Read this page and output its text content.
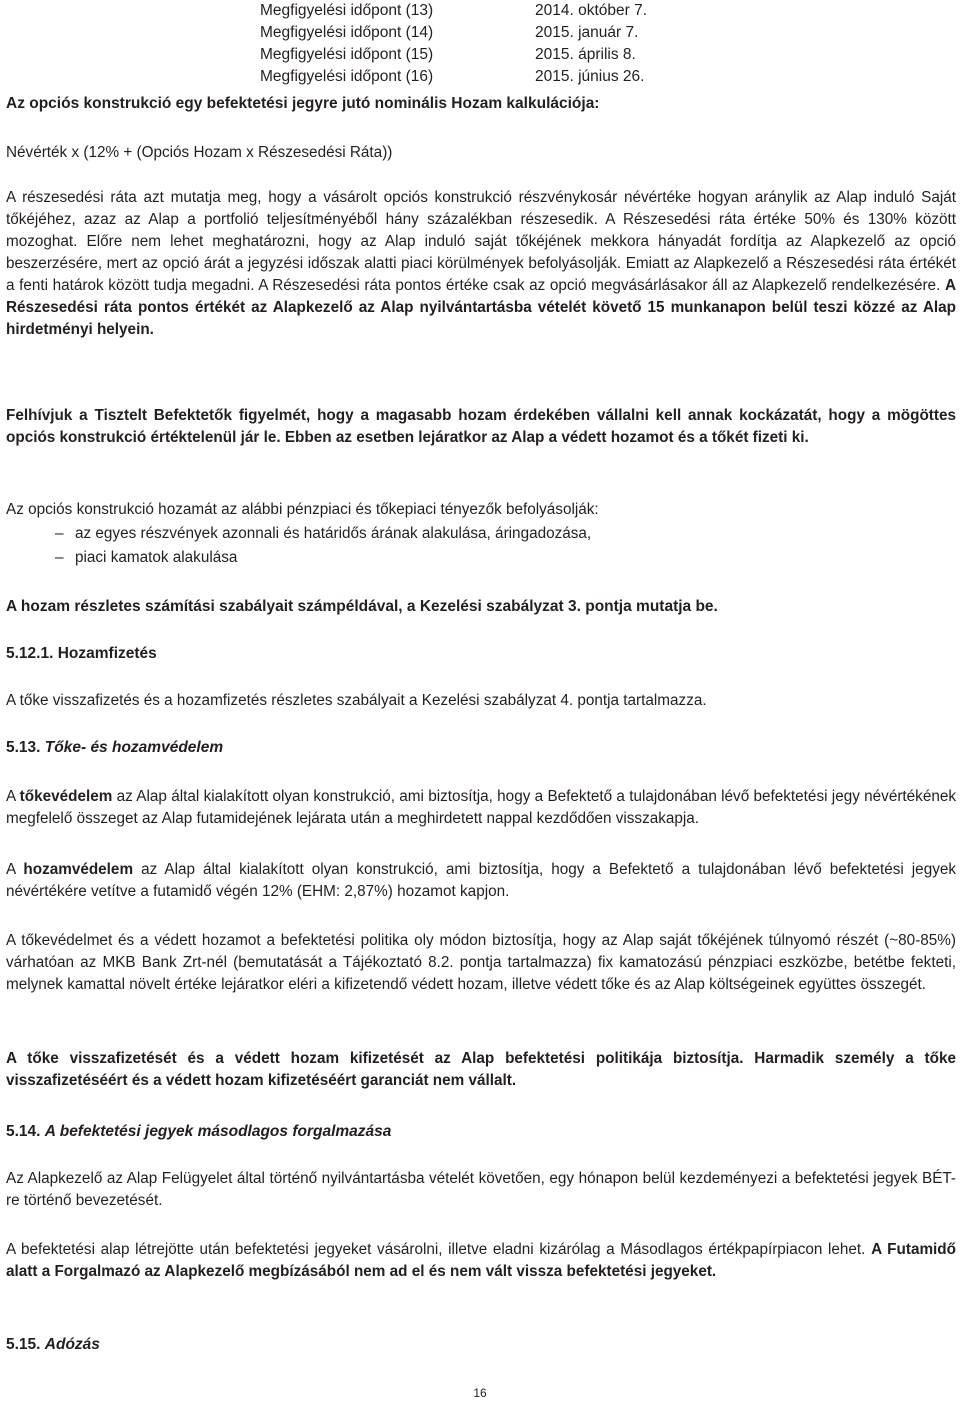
Megfigyelési időpont (13)	2014. október 7.
Megfigyelési időpont (14)	2015. január 7.
Megfigyelési időpont (15)	2015. április 8.
Megfigyelési időpont (16)	2015. június 26.
Az opciós konstrukció egy befektetési jegyre jutó nominális Hozam kalkulációja:
Névérték x (12% + (Opciós Hozam x Részesedési Ráta))
A részesedési ráta azt mutatja meg, hogy a vásárolt opciós konstrukció részvénykosár névértéke hogyan aránylik az Alap induló Saját tőkéjéhez, azaz az Alap a portfolió teljesítményéből hány százalékban részesedik. A Részesedési ráta értéke 50% és 130% között mozoghat. Előre nem lehet meghatározni, hogy az Alap induló saját tőkéjének mekkora hányadát fordítja az Alapkezelő az opció beszerzésére, mert az opció árát a jegyzési időszak alatti piaci körülmények befolyásolják. Emiatt az Alapkezelő a Részesedési ráta értékét a fenti határok között tudja megadni. A Részesedési ráta pontos értéke csak az opció megvásárlásakor áll az Alapkezelő rendelkezésére. A Részesedési ráta pontos értékét az Alapkezelő az Alap nyilvántartásba vételét követő 15 munkanapon belül teszi közzé az Alap hirdetményi helyein.
Felhívjuk a Tisztelt Befektetők figyelmét, hogy a magasabb hozam érdekében vállalni kell annak kockázatát, hogy a mögöttes opciós konstrukció értéktelenül jár le. Ebben az esetben lejáratkor az Alap a védett hozamot és a tőkét fizeti ki.
Az opciós konstrukció hozamát az alábbi pénzpiaci és tőkepiaci tényezők befolyásolják:
– az egyes részvények azonnali és határidős árának alakulása, áringadozása,
– piaci kamatok alakulása
A hozam részletes számítási szabályait számpéldával, a Kezelési szabályzat 3. pontja mutatja be.
5.12.1. Hozamfizetés
A tőke visszafizetés és a hozamfizetés részletes szabályait a Kezelési szabályzat 4. pontja tartalmazza.
5.13. Tőke- és hozamvédelem
A tőkevédelem az Alap által kialakított olyan konstrukció, ami biztosítja, hogy a Befektető a tulajdonában lévő befektetési jegy névértékének megfelelő összeget az Alap futamidejének lejárata után a meghirdetett nappal kezdődően visszakapja.
A hozamvédelem az Alap által kialakított olyan konstrukció, ami biztosítja, hogy a Befektető a tulajdonában lévő befektetési jegyek névértékére vetítve a futamidő végén 12% (EHM: 2,87%) hozamot kapjon.
A tőkevédelmet és a védett hozamot a befektetési politika oly módon biztosítja, hogy az Alap saját tőkéjének túlnyomó részét (~80-85%) várhatóan az MKB Bank Zrt-nél (bemutatását a Tájékoztató 8.2. pontja tartalmazza) fix kamatozású pénzpiaci eszközbe, betétbe fekteti, melynek kamattal növelt értéke lejáratkor eléri a kifizetendő védett hozam, illetve védett tőke és az Alap költségeinek együttes összegét.
A tőke visszafizetését és a védett hozam kifizetését az Alap befektetési politikája biztosítja. Harmadik személy a tőke visszafizetéséért és a védett hozam kifizetéséért garanciát nem vállalt.
5.14. A befektetési jegyek másodlagos forgalmazása
Az Alapkezelő az Alap Felügyelet által történő nyilvántartásba vételét követően, egy hónapon belül kezdeményezi a befektetési jegyek BÉT-re történő bevezetését.
A befektetési alap létrejötte után befektetési jegyeket vásárolni, illetve eladni kizárólag a Másodlagos értékpapírpiacon lehet. A Futamidő alatt a Forgalmazó az Alapkezelő megbízásából nem ad el és nem vált vissza befektetési jegyeket.
5.15. Adózás
16
